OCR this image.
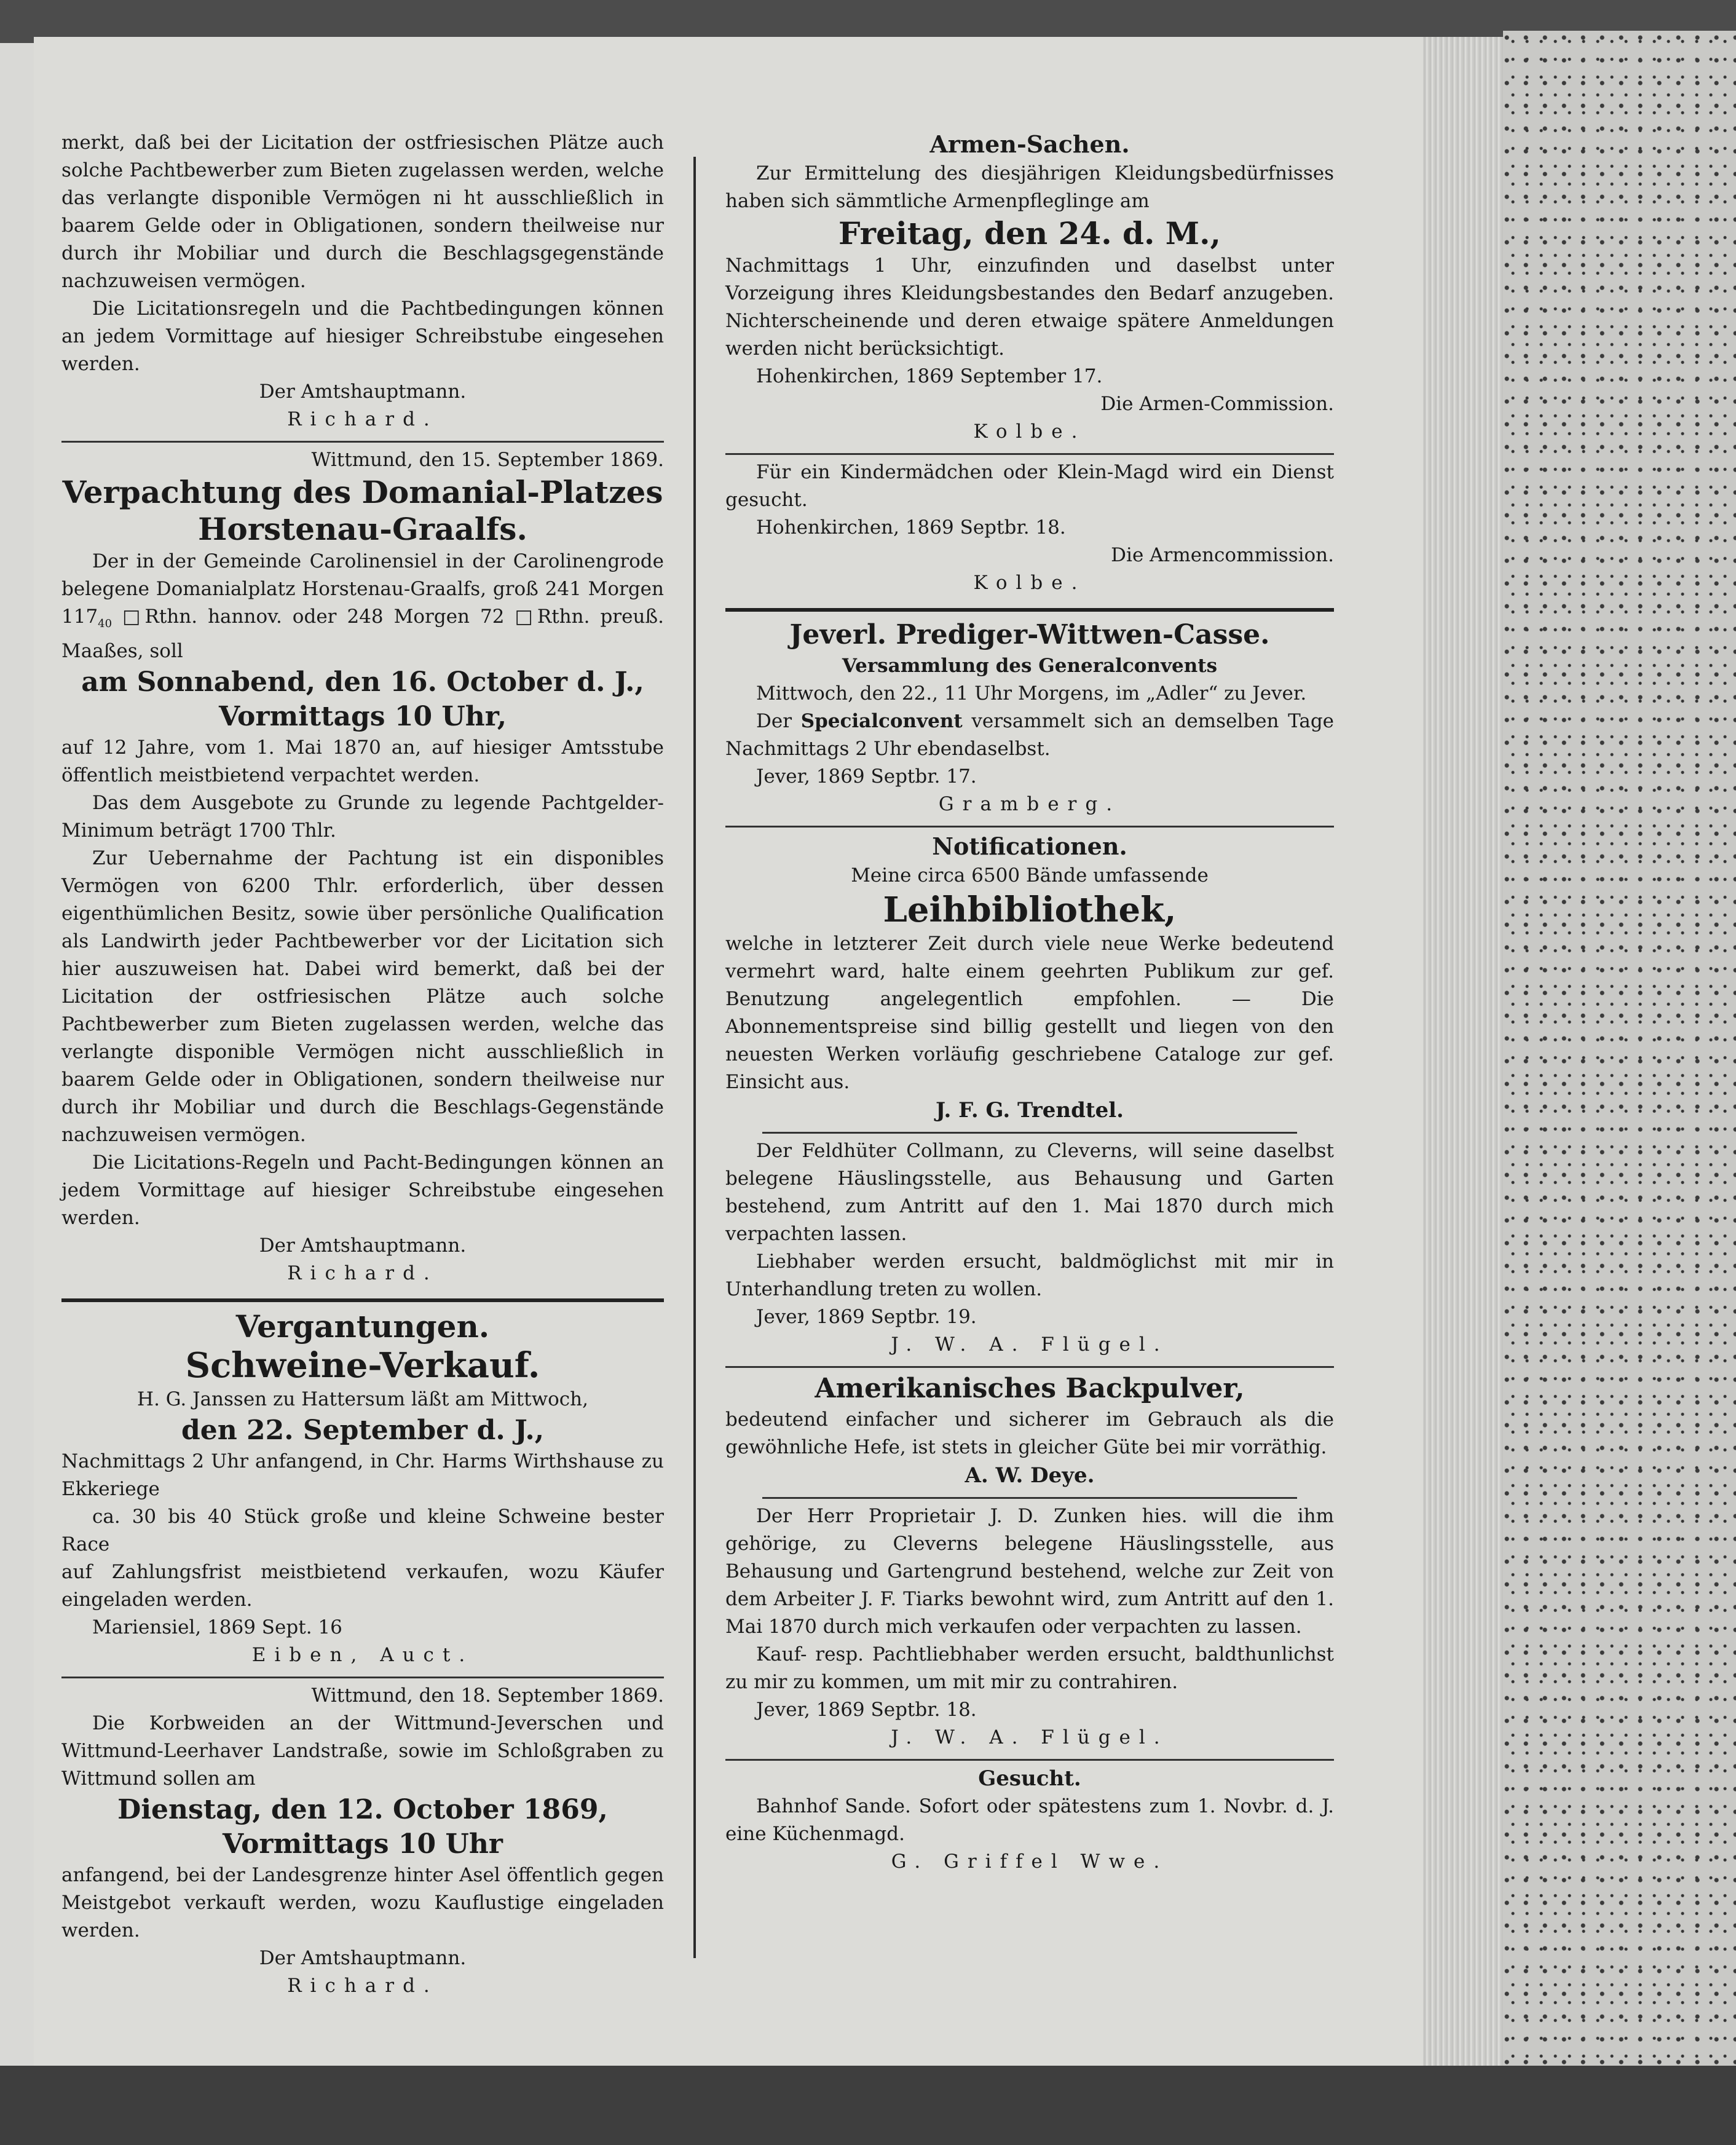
merkt, daß bei der Licitation der ostfriesischen Plätze auch solche Pachtbewerber zum Bieten zugelassen werden, welche das verlangte disponible Vermögen ni ht ausschließlich in baarem Gelde oder in Obligationen, sondern theilweise nur durch ihr Mobiliar und durch die Beschlagsgegenstände nachzuweisen vermögen.

Die Licitationsregeln und die Pachtbedingungen können an jedem Vormittage auf hiesiger Schreibstube eingesehen werden.

Der Amtshauptmann.

Richard.

Wittmund, den 15. September 1869.

Verpachtung des Domanial-Platzes

Horstenau-Graalfs.

Der in der Gemeinde Carolinensiel in der Carolinengrode belegene Domanialplatz Horstenau-Graalfs, groß 241 Morgen $117_{40}$ □Rthn. hannov. oder 248 Morgen 72 □Rthn. preuß. Maaßes, soll

am Sonnabend, den 16. October d. J.,

Vormittags 10 Uhr,

auf 12 Jahre, vom 1. Mai 1870 an, auf hiesiger Amtsstube öffentlich meistbietend verpachtet werden.

Das dem Ausgebote zu Grunde zu legende Pachtgelder-Minimum beträgt 1700 Thlr.

Zur Uebernahme der Pachtung ist ein disponibles Vermögen von 6200 Thlr. erforderlich, über dessen eigenthümlichen Besitz, sowie über persönliche Qualification als Landwirth jeder Pachtbewerber vor der Licitation sich hier auszuweisen hat. Dabei wird bemerkt, daß bei der Licitation der ostfriesischen Plätze auch solche Pachtbewerber zum Bieten zugelassen werden, welche das verlangte disponible Vermögen nicht ausschließlich in baarem Gelde oder in Obligationen, sondern theilweise nur durch ihr Mobiliar und durch die Beschlags-Gegenstände nachzuweisen vermögen.

Die Licitations-Regeln und Pacht-Bedingungen können an jedem Vormittage auf hiesiger Schreibstube eingesehen werden.

Der Amtshauptmann.

Richard.

Vergantungen.

Schweine-Verkauf.

H. G. Janssen zu Hattersum läßt am Mittwoch,

den 22. September d. J.,

Nachmittags 2 Uhr anfangend, in Chr. Harms Wirthshause zu Ekkeriege

ca. 30 bis 40 Stück große und kleine Schweine bester Race

auf Zahlungsfrist meistbietend verkaufen, wozu Käufer eingeladen werden.

Mariensiel, 1869 Sept. 16

Eiben, Auct.

Wittmund, den 18. September 1869.

Die Korbweiden an der Wittmund-Jeverschen und Wittmund-Leerhaver Landstraße, sowie im Schloßgraben zu Wittmund sollen am

Dienstag, den 12. October 1869,

Vormittags 10 Uhr

anfangend, bei der Landesgrenze hinter Asel öffentlich gegen Meistgebot verkauft werden, wozu Kauflustige eingeladen werden.

Der Amtshauptmann.

Richard.

Armen-Sachen.

Zur Ermittelung des diesjährigen Kleidungsbedürfnisses haben sich sämmtliche Armenpfleglinge am

Freitag, den 24. d. M.,

Nachmittags 1 Uhr, einzufinden und daselbst unter Vorzeigung ihres Kleidungsbestandes den Bedarf anzugeben. Nichterscheinende und deren etwaige spätere Anmeldungen werden nicht berücksichtigt.

Hohenkirchen, 1869 September 17.

Die Armen-Commission.

Kolbe.

Für ein Kindermädchen oder Klein-Magd wird ein Dienst gesucht.

Hohenkirchen, 1869 Septbr. 18.

Die Armencommission.

Kolbe.

Jeverl. Prediger-Wittwen-Casse.

Versammlung des Generalconvents

Mittwoch, den 22., 11 Uhr Morgens, im „Adler“ zu Jever.

Der Specialconvent versammelt sich an demselben Tage Nachmittags 2 Uhr ebendaselbst.

Jever, 1869 Septbr. 17.

Gramberg.

Notificationen.

Meine circa 6500 Bände umfassende

Leihbibliothek,

welche in letzterer Zeit durch viele neue Werke bedeutend vermehrt ward, halte einem geehrten Publikum zur gef. Benutzung angelegentlich empfohlen. — Die Abonnementspreise sind billig gestellt und liegen von den neuesten Werken vorläufig geschriebene Cataloge zur gef. Einsicht aus.

J. F. G. Trendtel.

Der Feldhüter Collmann, zu Cleverns, will seine daselbst belegene Häuslingsstelle, aus Behausung und Garten bestehend, zum Antritt auf den 1. Mai 1870 durch mich verpachten lassen.

Liebhaber werden ersucht, baldmöglichst mit mir in Unterhandlung treten zu wollen.

Jever, 1869 Septbr. 19.

J. W. A. Flügel.

Amerikanisches Backpulver,

bedeutend einfacher und sicherer im Gebrauch als die gewöhnliche Hefe, ist stets in gleicher Güte bei mir vorräthig.

A. W. Deye.

Der Herr Proprietair J. D. Zunken hies. will die ihm gehörige, zu Cleverns belegene Häuslingsstelle, aus Behausung und Gartengrund bestehend, welche zur Zeit von dem Arbeiter J. F. Tiarks bewohnt wird, zum Antritt auf den 1. Mai 1870 durch mich verkaufen oder verpachten zu lassen.

Kauf- resp. Pachtliebhaber werden ersucht, baldthunlichst zu mir zu kommen, um mit mir zu contrahiren.

Jever, 1869 Septbr. 18.

J. W. A. Flügel.

Gesucht.

Bahnhof Sande. Sofort oder spätestens zum 1. Novbr. d. J. eine Küchenmagd.

G. Griffel Wwe.
